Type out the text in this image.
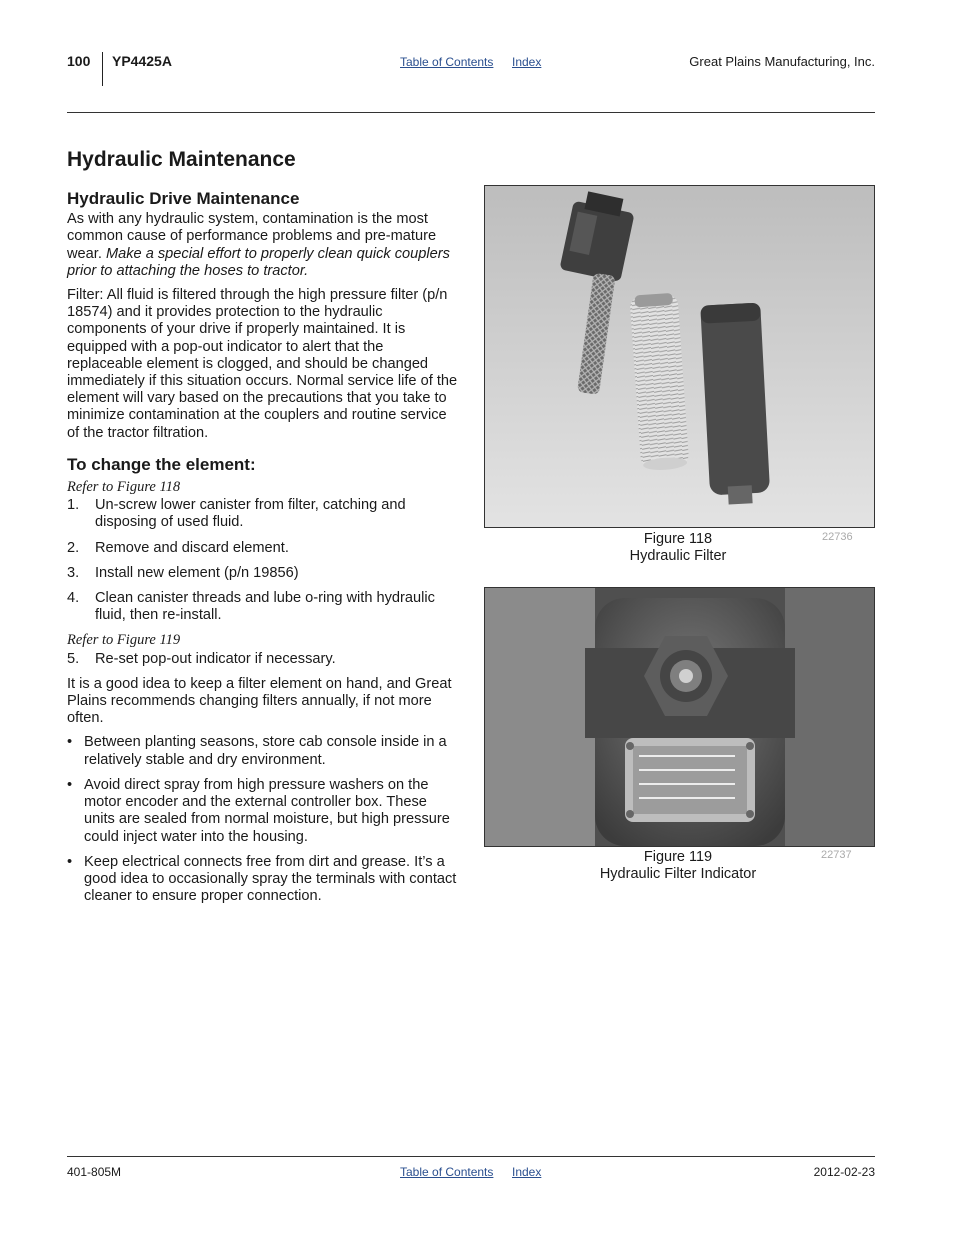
100 YP4425A	Table of Contents Index	Great Plains Manufacturing, Inc.
Hydraulic Maintenance
Hydraulic Drive Maintenance

As with any hydraulic system, contamination is the most common cause of performance problems and pre-mature wear. Make a special effort to properly clean quick couplers prior to attaching the hoses to tractor.

Filter: All fluid is filtered through the high pressure filter (p/n 18574) and it provides protection to the hydraulic components of your drive if properly maintained. It is equipped with a pop-out indicator to alert that the replaceable element is clogged, and should be changed immediately if this situation occurs. Normal service life of the element will vary based on the precautions that you take to minimize contamination at the couplers and routine service of the tractor filtration.

To change the element:
Refer to Figure 118
1.	Un-screw lower canister from filter, catching and disposing of used fluid.
2.	Remove and discard element.
3.	Install new element (p/n 19856)
4.	Clean canister threads and lube o-ring with hydraulic fluid, then re-install.
Refer to Figure 119
5.	Re-set pop-out indicator if necessary.

It is a good idea to keep a filter element on hand, and Great Plains recommends changing filters annually, if not more often.

• Between planting seasons, store cab console inside in a relatively stable and dry environment.
• Avoid direct spray from high pressure washers on the motor encoder and the external controller box. These units are sealed from normal moisture, but high pressure could inject water into the housing.
• Keep electrical connects free from dirt and grease. It’s a good idea to occasionally spray the terminals with contact cleaner to ensure proper connection.
Figure 118
Hydraulic Filter
22736
Figure 119
Hydraulic Filter Indicator
22737
401-805M	Table of Contents Index	2012-02-23
